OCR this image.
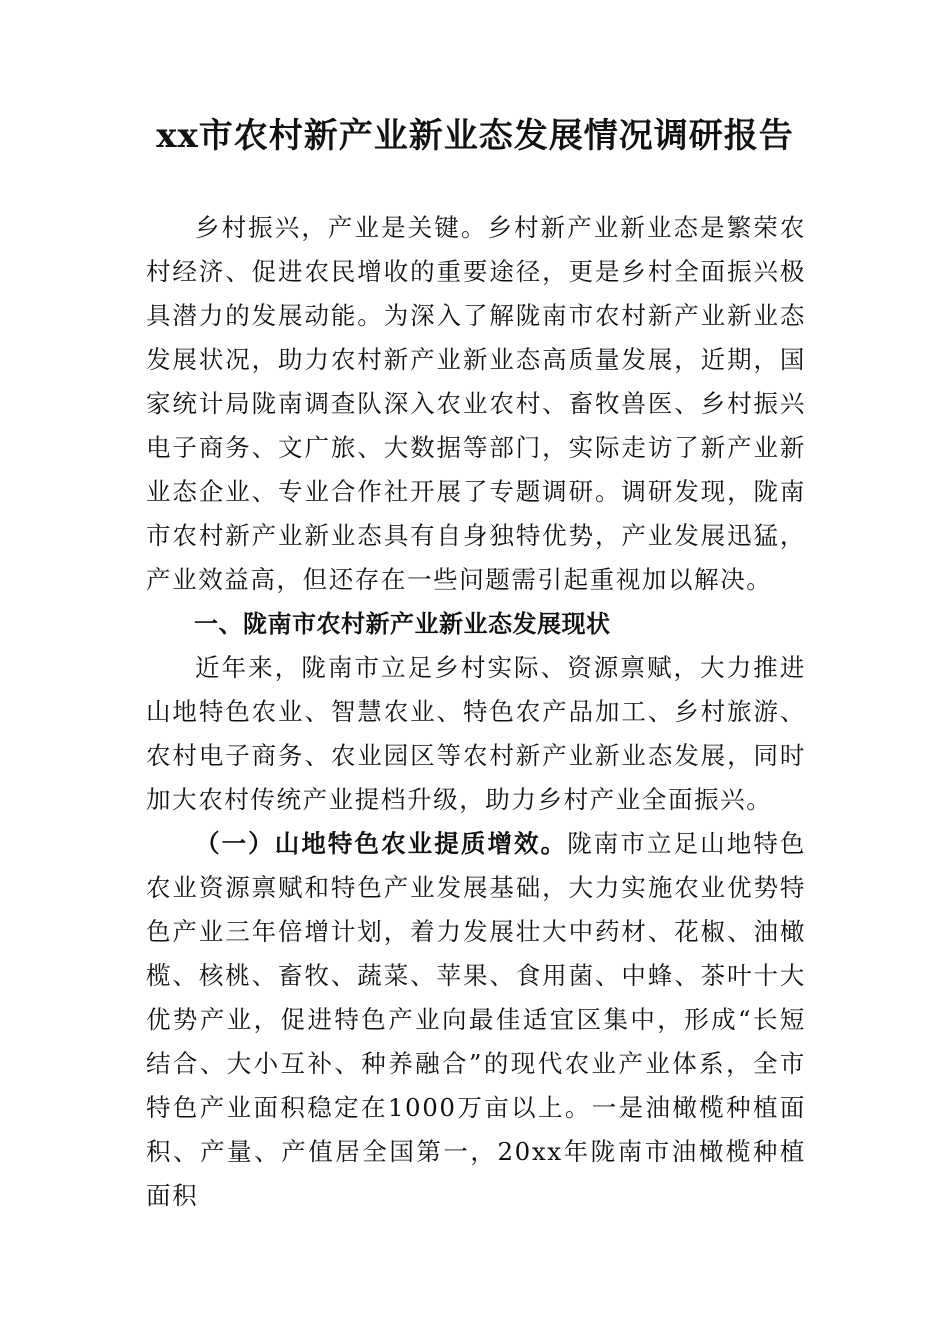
xx市农村新产业新业态发展情况调研报告

乡村振兴，产业是关键。乡村新产业新业态是繁荣农村经济、促进农民增收的重要途径，更是乡村全面振兴极具潜力的发展动能。为深入了解陇南市农村新产业新业态发展状况，助力农村新产业新业态高质量发展，近期，国家统计局陇南调查队深入农业农村、畜牧兽医、乡村振兴电子商务、文广旅、大数据等部门，实际走访了新产业新业态企业、专业合作社开展了专题调研。调研发现，陇南市农村新产业新业态具有自身独特优势，产业发展迅猛，产业效益高，但还存在一些问题需引起重视加以解决。

一、陇南市农村新产业新业态发展现状

近年来，陇南市立足乡村实际、资源禀赋，大力推进山地特色农业、智慧农业、特色农产品加工、乡村旅游、农村电子商务、农业园区等农村新产业新业态发展，同时加大农村传统产业提档升级，助力乡村产业全面振兴。

（一）山地特色农业提质增效。陇南市立足山地特色农业资源禀赋和特色产业发展基础，大力实施农业优势特色产业三年倍增计划，着力发展壮大中药材、花椒、油橄榄、核桃、畜牧、蔬菜、苹果、食用菌、中蜂、茶叶十大优势产业，促进特色产业向最佳适宜区集中，形成“长短结合、大小互补、种养融合”的现代农业产业体系，全市特色产业面积稳定在1000万亩以上。一是油橄榄种植面积、产量、产值居全国第一，20xx年陇南市油橄榄种植面积
